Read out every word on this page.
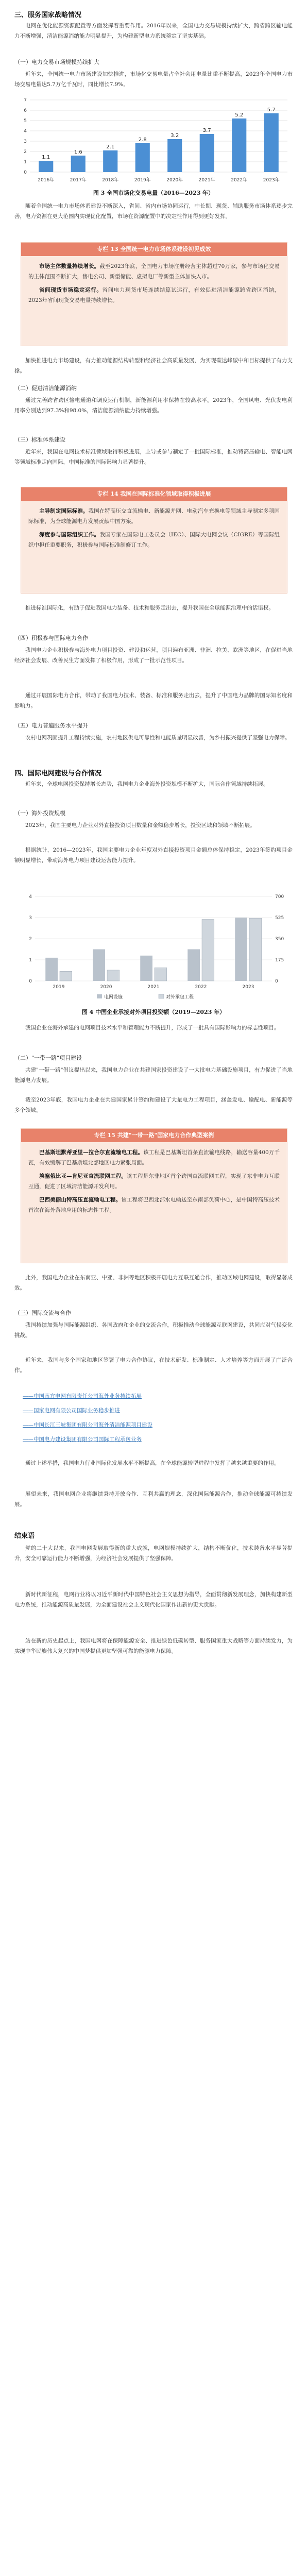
三、服务国家战略情况
电网在优化能源资源配置等方面发挥着重要作用。2016年以来，全国电力交易规模持续扩大，跨省跨区输电能力不断增强，清洁能源消纳能力明显提升，为构建新型电力系统奠定了坚实基础。
（一）电力交易市场规模持续扩大
近年来，全国统一电力市场建设加快推进，市场化交易电量占全社会用电量比重不断提高，2023年全国电力市场交易电量达5.7万亿千瓦时，同比增长7.9%。
0
1
2
3
4
5
6
7
1.1
2016年
1.6
2017年
2.1
2018年
2.8
2019年
3.2
2020年
3.7
2021年
5.2
2022年
5.7
2023年
图 3 全国市场化交易电量（2016—2023 年）
随着全国统一电力市场体系建设不断深入，省间、省内市场协同运行，中长期、现货、辅助服务市场体系逐步完善，电力资源在更大范围内实现优化配置，市场在资源配置中的决定性作用得到更好发挥。
专栏 13 全国统一电力市场体系建设初见成效

市场主体数量持续增长。截至2023年底，全国电力市场注册经营主体超过70万家，参与市场化交易的主体范围不断扩大，售电公司、新型储能、虚拟电厂等新型主体加快入市。

省间现货市场稳定运行。省间电力现货市场连续结算试运行，有效促进清洁能源跨省跨区消纳，2023年省间现货交易电量持续增长。

加快推进电力市场建设，有力推动能源结构转型和经济社会高质量发展，为实现碳达峰碳中和目标提供了有力支撑。
（二）促进清洁能源消纳
通过完善跨省跨区输电通道和调度运行机制，新能源利用率保持在较高水平。2023年，全国风电、光伏发电利用率分别达到97.3%和98.0%，清洁能源消纳能力持续增强。
（三）标准体系建设
近年来，我国在电网技术标准领域取得积极进展，主导或参与制定了一批国际标准，推动特高压输电、智能电网等领域标准走向国际，中国标准的国际影响力显著提升。
专栏 14 我国在国际标准化领域取得积极进展

主导制定国际标准。我国在特高压交直流输电、新能源并网、电动汽车充换电等领域主导制定多项国际标准，为全球能源电力发展贡献中国方案。

深度参与国际组织工作。我国专家在国际电工委员会（IEC）、国际大电网会议（CIGRE）等国际组织中担任重要职务，积极参与国际标准制修订工作。

推进标准国际化，有助于促进我国电力装备、技术和服务走出去，提升我国在全球能源治理中的话语权。
（四）积极参与国际电力合作
我国电力企业积极参与海外电力项目投资、建设和运营，项目遍布亚洲、非洲、拉美、欧洲等地区，在促进当地经济社会发展、改善民生方面发挥了积极作用，形成了一批示范性项目。
通过开展国际电力合作，带动了我国电力技术、装备、标准和服务走出去，提升了中国电力品牌的国际知名度和影响力。
（五）电力普遍服务水平提升
农村电网巩固提升工程持续实施，农村地区供电可靠性和电能质量明显改善，为乡村振兴提供了坚强电力保障。
四、国际电网建设与合作情况
近年来，全球电网投资保持增长态势，我国电力企业海外投资规模不断扩大，国际合作领域持续拓展。
（一）海外投资规模
2023年，我国主要电力企业对外直接投资项目数量和金额稳步增长，投资区域和领域不断拓展。
根据统计，2016—2023年，我国主要电力企业年度对外直接投资项目金额总体保持稳定，2023年签约项目金额明显增长，带动海外电力项目建设运营能力提升。
0	0
1	175
2	350
3	525
4	700
2019	2020	2021	2022	2023
电网设施	对外承包工程
图 4 中国企业承接对外项目投资额（2019—2023 年）
我国企业在海外承建的电网项目技术水平和管理能力不断提升，形成了一批具有国际影响力的标志性项目。
（二）"一带一路"项目建设
共建"一带一路"倡议提出以来，我国电力企业在共建国家投资建设了一大批电力基础设施项目，有力促进了当地能源电力发展。
截至2023年底，我国电力企业在共建国家累计签约和建设了大量电力工程项目，涵盖发电、输配电、新能源等多个领域。
专栏 15 共建"一带一路"国家电力合作典型案例

巴基斯坦默蒂亚里—拉合尔直流输电工程。该工程是巴基斯坦首条直流输电线路，输送容量400万千瓦，有效缓解了巴基斯坦北部地区电力紧张局面。

埃塞俄比亚—肯尼亚直流联网工程。该工程是东非地区首个跨国直流联网工程，实现了东非电力互联互通，促进了区域清洁能源开发利用。

巴西美丽山特高压直流输电工程。该工程将巴西北部水电输送至东南部负荷中心，是中国特高压技术首次在海外落地应用的标志性工程。

此外，我国电力企业在东南亚、中亚、非洲等地区积极开展电力互联互通合作，推动区域电网建设，取得显著成效。
（三）国际交流与合作
我国持续加强与国际能源组织、各国政府和企业的交流合作，积极推动全球能源互联网建设，共同应对气候变化挑战。
近年来，我国与多个国家和地区签署了电力合作协议，在技术研发、标准制定、人才培养等方面开展了广泛合作。
——中国南方电网有限责任公司海外业务持续拓展
——国家电网有限公司国际业务稳步推进
——中国长江三峡集团有限公司海外清洁能源项目建设
——中国电力建设集团有限公司国际工程承包业务
通过上述举措，我国电力行业国际化发展水平不断提高，在全球能源转型进程中发挥了越来越重要的作用。
展望未来，我国电网企业将继续秉持开放合作、互利共赢的理念，深化国际能源合作，推动全球能源可持续发展。
结束语
党的二十大以来，我国电网发展取得新的重大成就，电网规模持续扩大，结构不断优化，技术装备水平显著提升，安全可靠运行能力不断增强，为经济社会发展提供了坚强保障。
新时代新征程，电网行业将以习近平新时代中国特色社会主义思想为指导，全面贯彻新发展理念，加快构建新型电力系统，推动能源高质量发展，为全面建设社会主义现代化国家作出新的更大贡献。
站在新的历史起点上，我国电网将在保障能源安全、推进绿色低碳转型、服务国家重大战略等方面持续发力，为实现中华民族伟大复兴的中国梦提供更加坚强可靠的能源电力保障。
